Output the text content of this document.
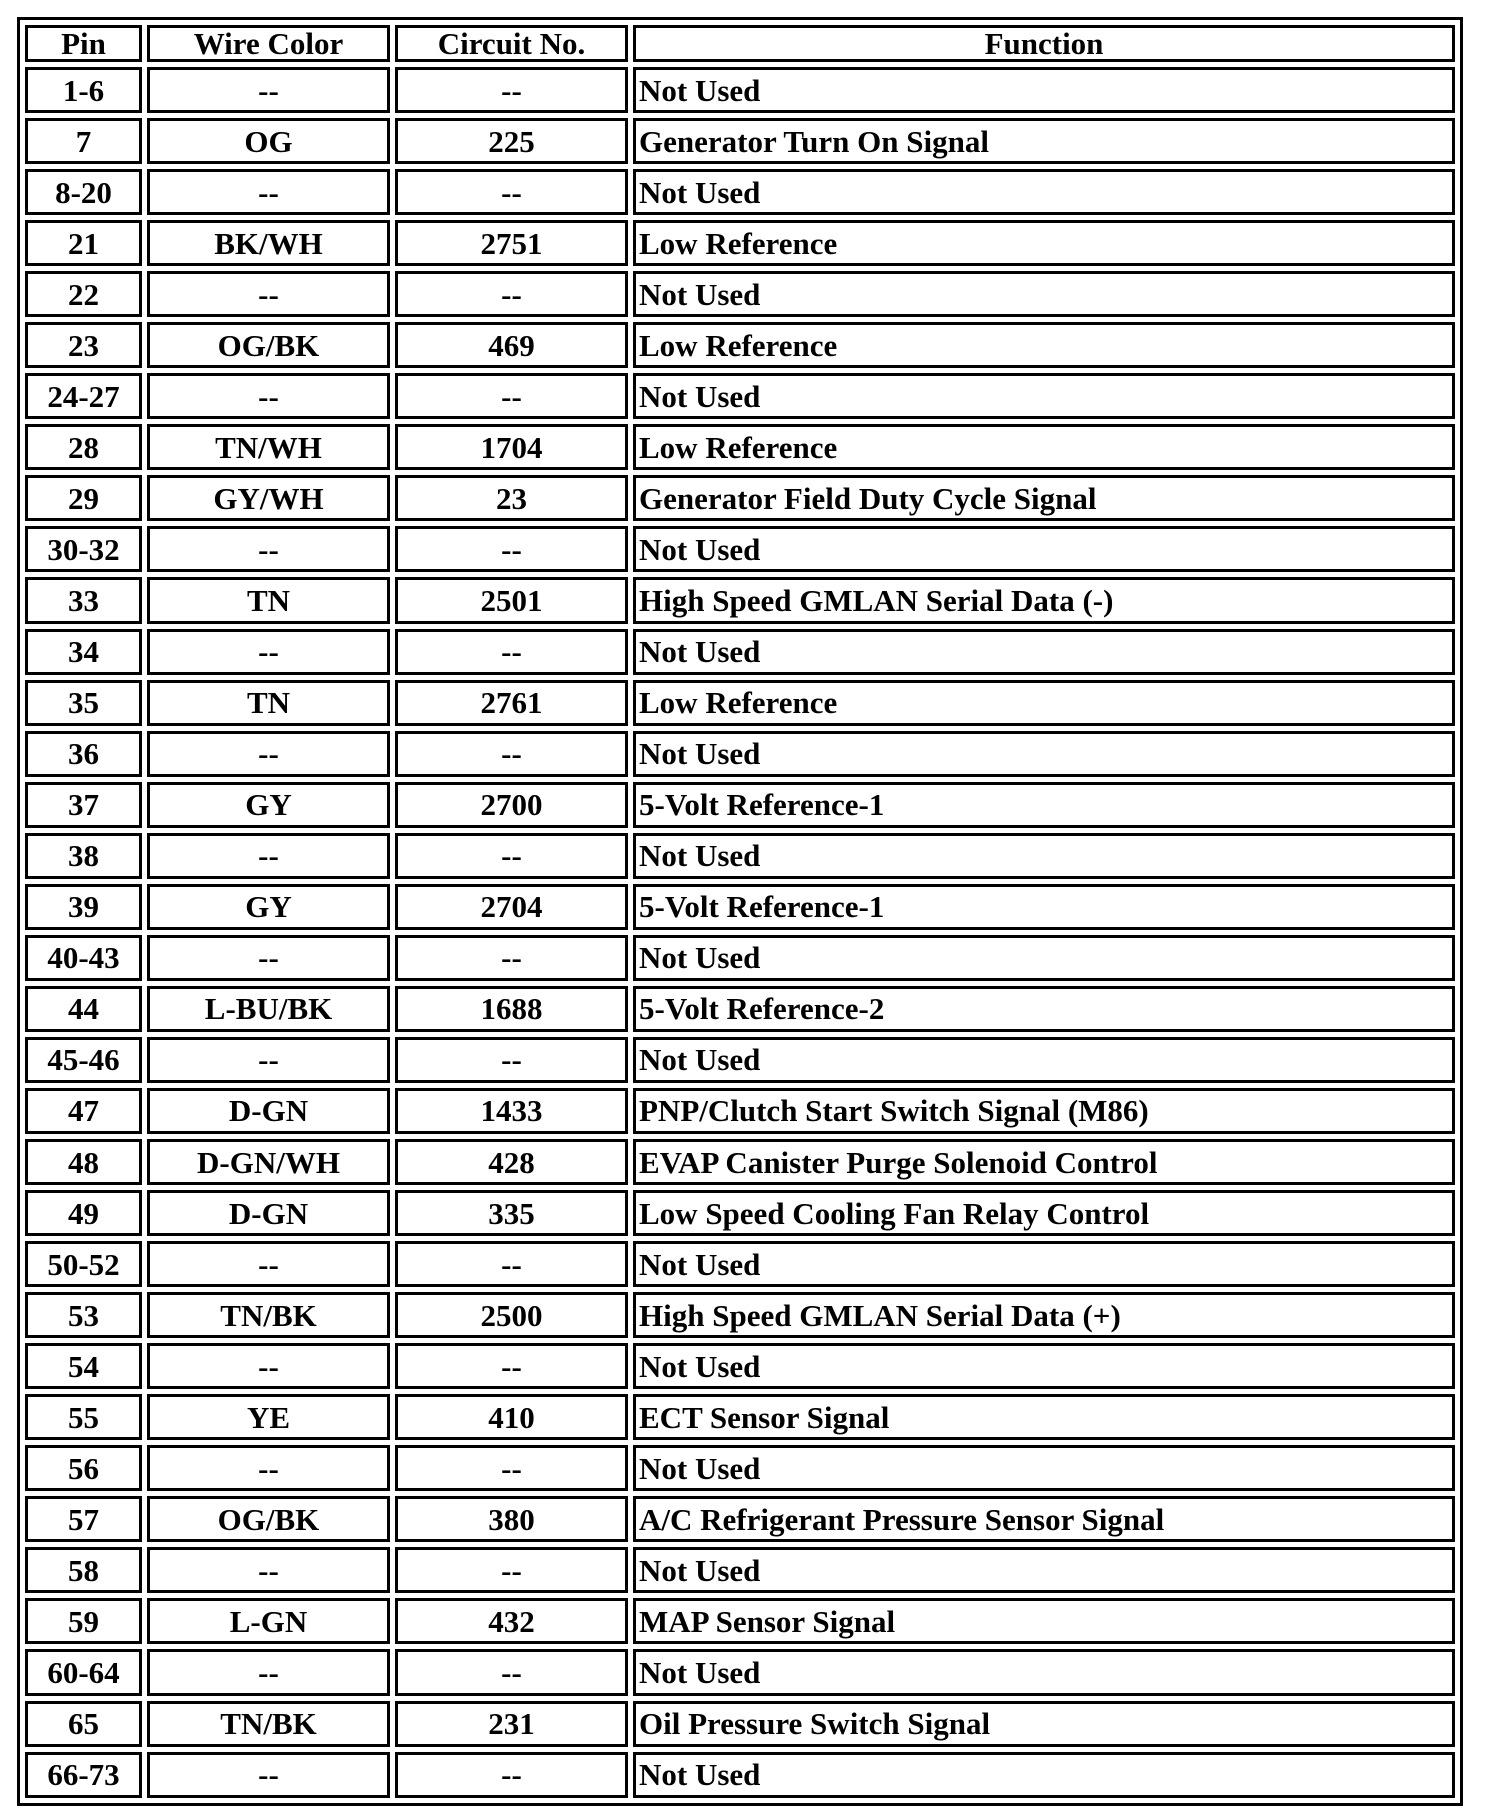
Pin	Wire Color	Circuit No.	Function
1-6	--	--	Not Used
7	OG	225	Generator Turn On Signal
8-20	--	--	Not Used
21	BK/WH	2751	Low Reference
22	--	--	Not Used
23	OG/BK	469	Low Reference
24-27	--	--	Not Used
28	TN/WH	1704	Low Reference
29	GY/WH	23	Generator Field Duty Cycle Signal
30-32	--	--	Not Used
33	TN	2501	High Speed GMLAN Serial Data (-)
34	--	--	Not Used
35	TN	2761	Low Reference
36	--	--	Not Used
37	GY	2700	5-Volt Reference-1
38	--	--	Not Used
39	GY	2704	5-Volt Reference-1
40-43	--	--	Not Used
44	L-BU/BK	1688	5-Volt Reference-2
45-46	--	--	Not Used
47	D-GN	1433	PNP/Clutch Start Switch Signal (M86)
48	D-GN/WH	428	EVAP Canister Purge Solenoid Control
49	D-GN	335	Low Speed Cooling Fan Relay Control
50-52	--	--	Not Used
53	TN/BK	2500	High Speed GMLAN Serial Data (+)
54	--	--	Not Used
55	YE	410	ECT Sensor Signal
56	--	--	Not Used
57	OG/BK	380	A/C Refrigerant Pressure Sensor Signal
58	--	--	Not Used
59	L-GN	432	MAP Sensor Signal
60-64	--	--	Not Used
65	TN/BK	231	Oil Pressure Switch Signal
66-73	--	--	Not Used
